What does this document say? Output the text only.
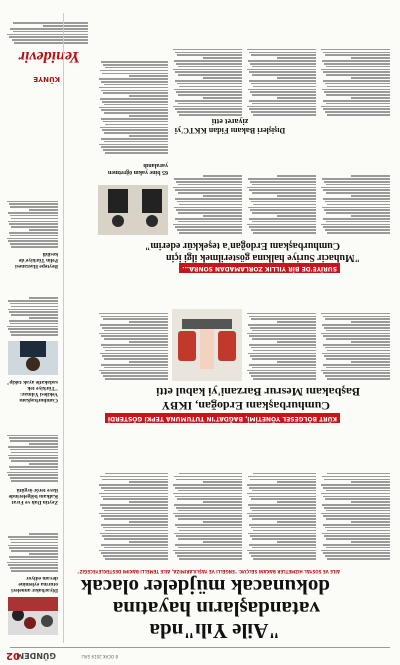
GÜNDEM
02	8 OCAK 2019 SALI
"Aile Yılı"nda
vatandaşların hayatına
dokunacak müjdeler olacak
AILE VE SOSYAL HIZMETLER BAKANI SELÇUK: "ENGELLI VE YAŞLILARIMIZA, AILE TEMELLI BAKIMI DESTEKLEYECEĞIZ"
Diyarbakır anneleri oturma eylemine devam ediyor
Zeytin Dalı ve Fırat Kalkanı bölgelerinde ilave terör örgütü
KÜRT BÖLGESEL YÖNETİMİ, BAĞDAT'IN TUTUMUNA TEPKİ GÖSTERDİ
Cumhurbaşkanı Erdoğan, IKBY
Başbakanı Mesrur Barzani'yi kabul etti
Cumhurbaşkanı Vekilesi Yılmaz: "Türkiye tek sadakatle ayak takip"
SURİYE'DE BİR YILLIK ZORLAMADAN SONRA...
"Muhacir Suriye halkına gösterilmek ilgi için
Cumhurbaşkanı Erdoğan'a teşekkür ederim"
Beytepe Hastanesi Pelin Türkiye'de kesildi
65 bine yakın öğretmen yaralandı
Dışişleri Bakanı Fidan KKTC'yi ziyaret etti
Yenidevir
KÜNYE
